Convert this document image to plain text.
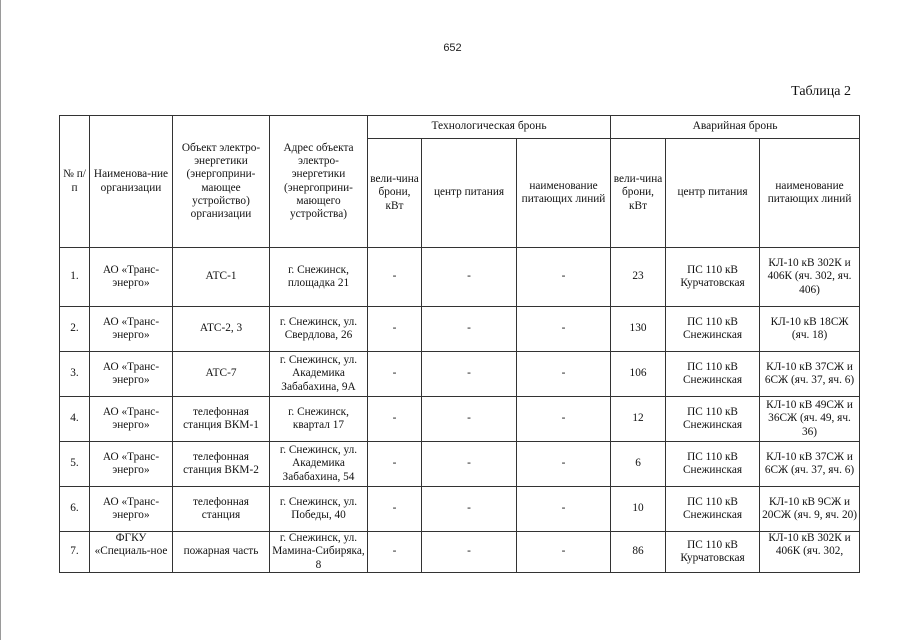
652
Таблица 2
№ п/п	Наименова-ние организации	Объект электро-энергетики (энергоприни-мающее устройство) организации	Адрес объекта электро-энергетики (энергоприни-мающего устройства)	Технологическая бронь			Аварийная бронь		
				вели-чина брони, кВт	центр питания	наименование питающих линий	вели-чина брони, кВт	центр питания	наименование питающих линий
1.	АО «Транс-энерго»	АТС-1	г. Снежинск, площадка 21	-	-	-	23	ПС 110 кВ Курчатовская	КЛ-10 кВ 302К и 406К (яч. 302, яч. 406)
2.	АО «Транс-энерго»	АТС-2, 3	г. Снежинск, ул. Свердлова, 26	-	-	-	130	ПС 110 кВ Снежинская	КЛ-10 кВ 18СЖ (яч. 18)
3.	АО «Транс-энерго»	АТС-7	г. Снежинск, ул. Академика Забабахина, 9А	-	-	-	106	ПС 110 кВ Снежинская	КЛ-10 кВ 37СЖ и 6СЖ (яч. 37, яч. 6)
4.	АО «Транс-энерго»	телефонная станция ВКМ-1	г. Снежинск, квартал 17	-	-	-	12	ПС 110 кВ Снежинская	КЛ-10 кВ 49СЖ и 36СЖ (яч. 49, яч. 36)
5.	АО «Транс-энерго»	телефонная станция ВКМ-2	г. Снежинск, ул. Академика Забабахина, 54	-	-	-	6	ПС 110 кВ Снежинская	КЛ-10 кВ 37СЖ и 6СЖ (яч. 37, яч. 6)
6.	АО «Транс-энерго»	телефонная станция	г. Снежинск, ул. Победы, 40	-	-	-	10	ПС 110 кВ Снежинская	КЛ-10 кВ 9СЖ и 20СЖ (яч. 9, яч. 20)
7.	ФГКУ «Специаль-ное	пожарная часть	г. Снежинск, ул. Мамина-Сибиряка, 8	-	-	-	86	ПС 110 кВ Курчатовская	КЛ-10 кВ 302К и 406К (яч. 302,
